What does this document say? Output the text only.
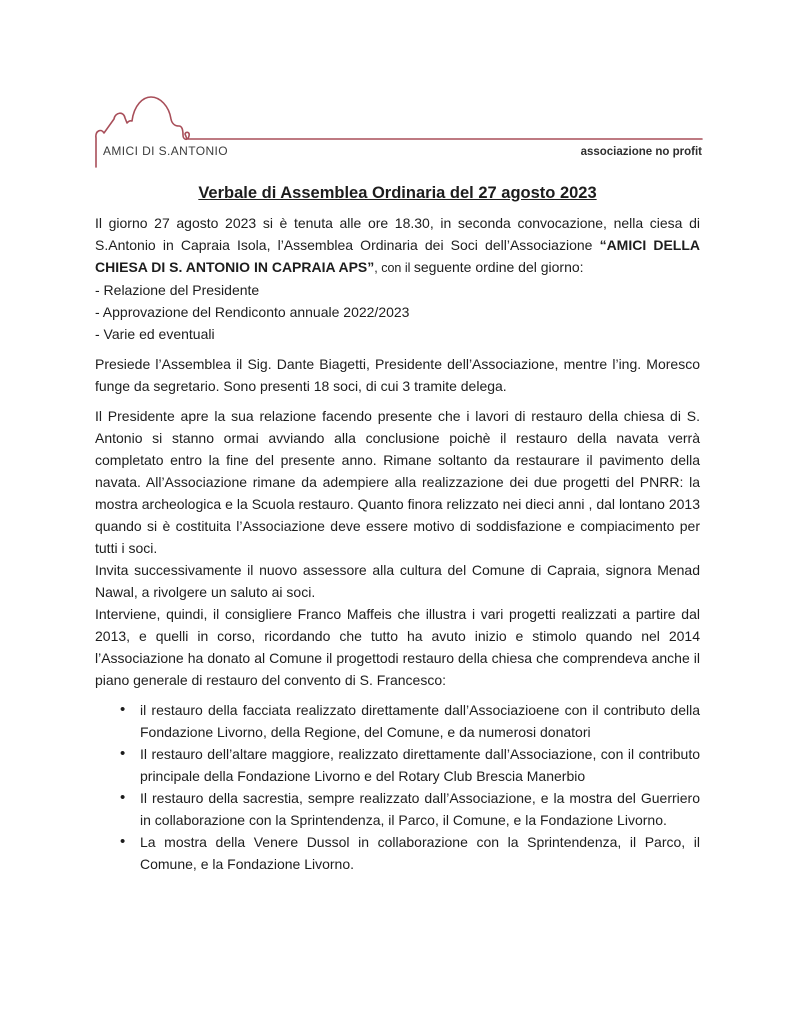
AMICI DI S.ANTONIO	associazione no profit
Verbale di Assemblea Ordinaria del 27 agosto 2023

Il giorno 27 agosto 2023 si è tenuta alle ore 18.30, in seconda convocazione, nella ciesa di S.Antonio in Capraia Isola, l’Assemblea Ordinaria dei Soci dell’Associazione “AMICI DELLA CHIESA DI S. ANTONIO IN CAPRAIA APS”, con il seguente ordine del giorno:

- Relazione del Presidente
- Approvazione del Rendiconto annuale 2022/2023
- Varie ed eventuali

Presiede l’Assemblea il Sig. Dante Biagetti, Presidente dell’Associazione, mentre l’ing. Moresco funge da segretario. Sono presenti 18 soci, di cui 3 tramite delega.

Il Presidente apre la sua relazione facendo presente che i lavori di restauro della chiesa di S. Antonio si stanno ormai avviando alla conclusione poichè il restauro della navata verrà completato entro la fine del presente anno. Rimane soltanto da restaurare il pavimento della navata. All’Associazione rimane da adempiere alla realizzazione dei due progetti del PNRR: la mostra archeologica e la Scuola restauro. Quanto finora relizzato nei dieci anni , dal lontano 2013 quando si è costituita l’Associazione deve essere motivo di soddisfazione e compiacimento per tutti i soci.

Invita successivamente il nuovo assessore alla cultura del Comune di Capraia, signora Menad Nawal, a rivolgere un saluto ai soci.

Interviene, quindi, il consigliere Franco Maffeis che illustra i vari progetti realizzati a partire dal 2013, e quelli in corso, ricordando che tutto ha avuto inizio e stimolo quando nel 2014 l’Associazione ha donato al Comune il progettodi restauro della chiesa che comprendeva anche il piano generale di restauro del convento di S. Francesco:

• il restauro della facciata realizzato direttamente dall’Associazioene con il contributo della Fondazione Livorno, della Regione, del Comune, e da numerosi donatori
• Il restauro dell’altare maggiore, realizzato direttamente dall’Associazione, con il contributo principale della Fondazione Livorno e del Rotary Club Brescia Manerbio
• Il restauro della sacrestia, sempre realizzato dall’Associazione, e la mostra del Guerriero in collaborazione con la Sprintendenza, il Parco, il Comune, e la Fondazione Livorno.
• La mostra della Venere Dussol in collaborazione con la Sprintendenza, il Parco, il Comune, e la Fondazione Livorno.
